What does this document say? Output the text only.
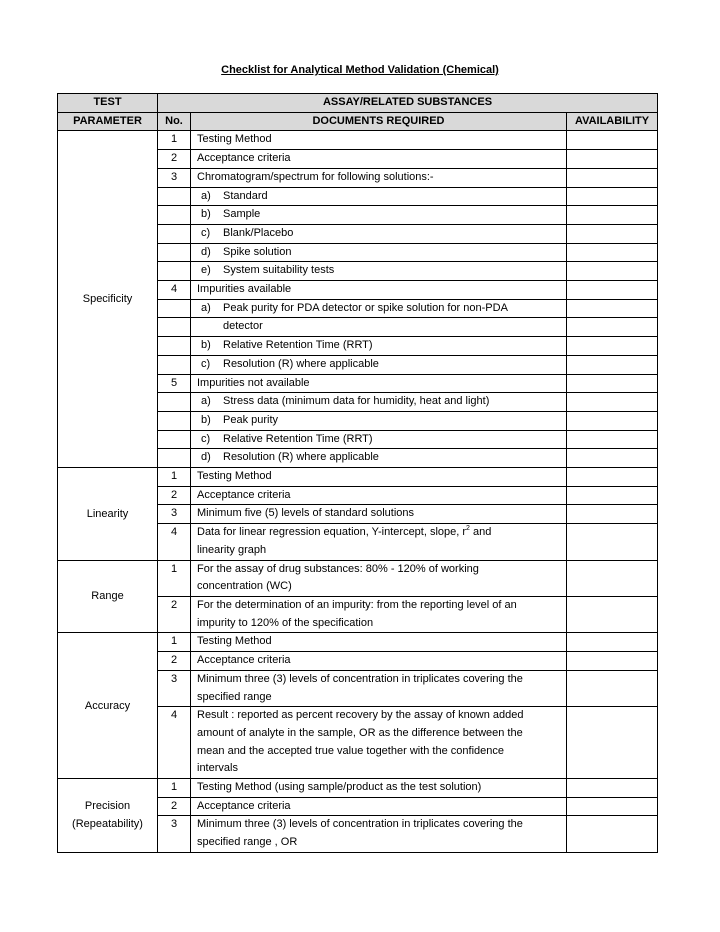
Checklist for Analytical Method Validation (Chemical)
TEST	ASSAY/RELATED SUBSTANCES		
PARAMETER	No.	DOCUMENTS REQUIRED	AVAILABILITY
Specificity	1	Testing Method	
	2	Acceptance criteria	
	3	Chromatogram/spectrum for following solutions:-	
		a) Standard	
		b) Sample	
		c) Blank/Placebo	
		d) Spike solution	
		e) System suitability tests	
	4	Impurities available	
		a) Peak purity for PDA detector or spike solution for non-PDA	
		detector	
		b) Relative Retention Time (RRT)	
		c) Resolution (R) where applicable	
	5	Impurities not available	
		a) Stress data (minimum data for humidity, heat and light)	
		b) Peak purity	
		c) Relative Retention Time (RRT)	
		d) Resolution (R) where applicable	
Linearity	1	Testing Method	
	2	Acceptance criteria	
	3	Minimum five (5) levels of standard solutions	
	4	Data for linear regression equation, Y-intercept, slope, $r^2$ and	
		linearity graph	
Range	1	For the assay of drug substances: 80% - 120% of working	
		concentration (WC)	
	2	For the determination of an impurity: from the reporting level of an	
		impurity to 120% of the specification	
Accuracy	1	Testing Method	
	2	Acceptance criteria	
	3	Minimum three (3) levels of concentration in triplicates covering the	
		specified range	
	4	Result : reported as percent recovery by the assay of known added	
		amount of analyte in the sample, OR as the difference between the	
		mean and the accepted true value together with the confidence	
		intervals	
Precision
(Repeatability)	1	Testing Method (using sample/product as the test solution)	
	2	Acceptance criteria	
	3	Minimum three (3) levels of concentration in triplicates covering the	
		specified range , OR	
